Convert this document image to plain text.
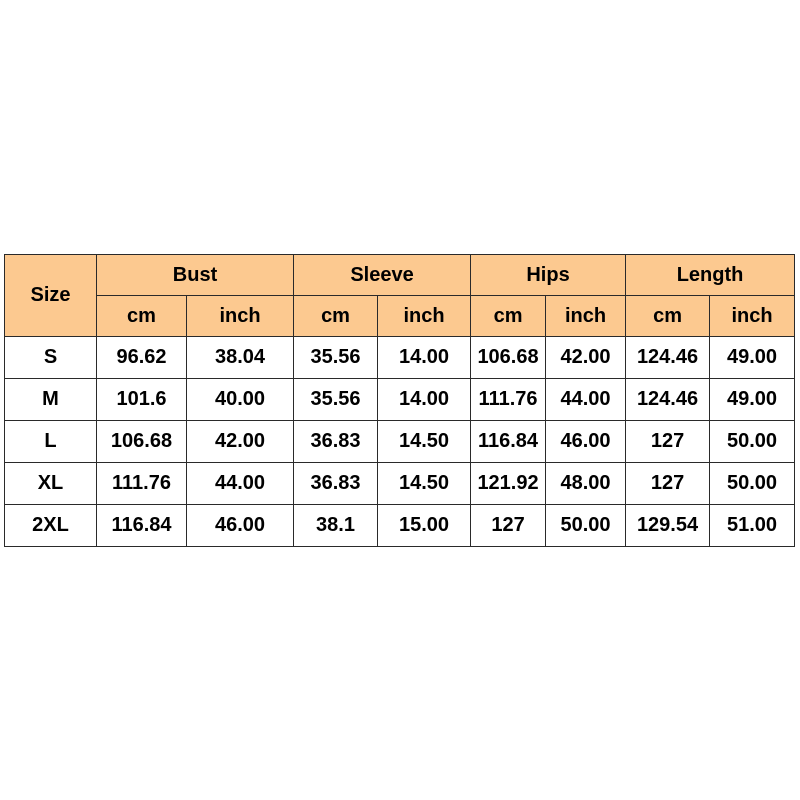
Size	Bust		Sleeve		Hips		Length	
	cm	inch	cm	inch	cm	inch	cm	inch
S	96.62	38.04	35.56	14.00	106.68	42.00	124.46	49.00
M	101.6	40.00	35.56	14.00	111.76	44.00	124.46	49.00
L	106.68	42.00	36.83	14.50	116.84	46.00	127	50.00
XL	111.76	44.00	36.83	14.50	121.92	48.00	127	50.00
2XL	116.84	46.00	38.1	15.00	127	50.00	129.54	51.00
